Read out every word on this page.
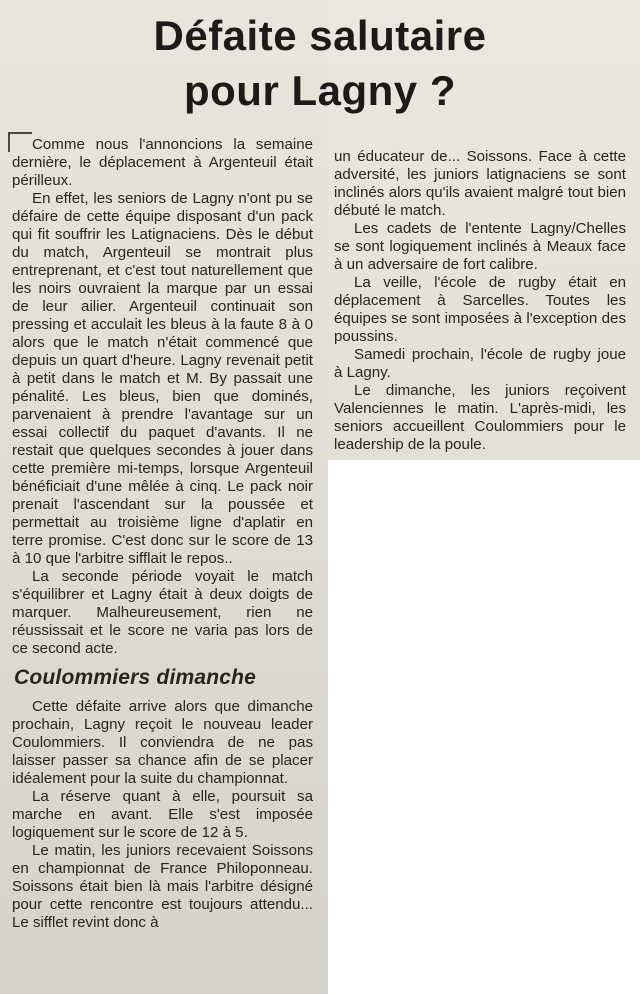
Défaite salutaire
pour Lagny ?

Comme nous l'annoncions la semaine dernière, le déplacement à Argenteuil était périlleux.

En effet, les seniors de Lagny n'ont pu se défaire de cette équipe disposant d'un pack qui fit souffrir les Latignaciens. Dès le début du match, Argenteuil se montrait plus entreprenant, et c'est tout naturellement que les noirs ouvraient la marque par un essai de leur ailier. Argenteuil continuait son pressing et acculait les bleus à la faute 8 à 0 alors que le match n'était commencé que depuis un quart d'heure. Lagny revenait petit à petit dans le match et M. By passait une pénalité. Les bleus, bien que dominés, parvenaient à prendre l'avantage sur un essai collectif du paquet d'avants. Il ne restait que quelques secondes à jouer dans cette première mi-temps, lorsque Argenteuil bénéficiait d'une mêlée à cinq. Le pack noir prenait l'ascendant sur la poussée et permettait au troisième ligne d'aplatir en terre promise. C'est donc sur le score de 13 à 10 que l'arbitre sifflait le repos..

La seconde période voyait le match s'équilibrer et Lagny était à deux doigts de marquer. Malheureusement, rien ne réussissait et le score ne varia pas lors de ce second acte.

Coulommiers dimanche

Cette défaite arrive alors que dimanche prochain, Lagny reçoit le nouveau leader Coulommiers. Il conviendra de ne pas laisser passer sa chance afin de se placer idéalement pour la suite du championnat.

La réserve quant à elle, poursuit sa marche en avant. Elle s'est imposée logiquement sur le score de 12 à 5.

Le matin, les juniors recevaient Soissons en championnat de France Philoponneau. Soissons était bien là mais l'arbitre désigné pour cette rencontre est toujours attendu... Le sifflet revint donc à

un éducateur de... Soissons. Face à cette adversité, les juniors latignaciens se sont inclinés alors qu'ils avaient malgré tout bien débuté le match.

Les cadets de l'entente Lagny/Chelles se sont logiquement inclinés à Meaux face à un adversaire de fort calibre.

La veille, l'école de rugby était en déplacement à Sarcelles. Toutes les équipes se sont imposées à l'exception des poussins.

Samedi prochain, l'école de rugby joue à Lagny.

Le dimanche, les juniors reçoivent Valenciennes le matin. L'après-midi, les seniors accueillent Coulommiers pour le leadership de la poule.
